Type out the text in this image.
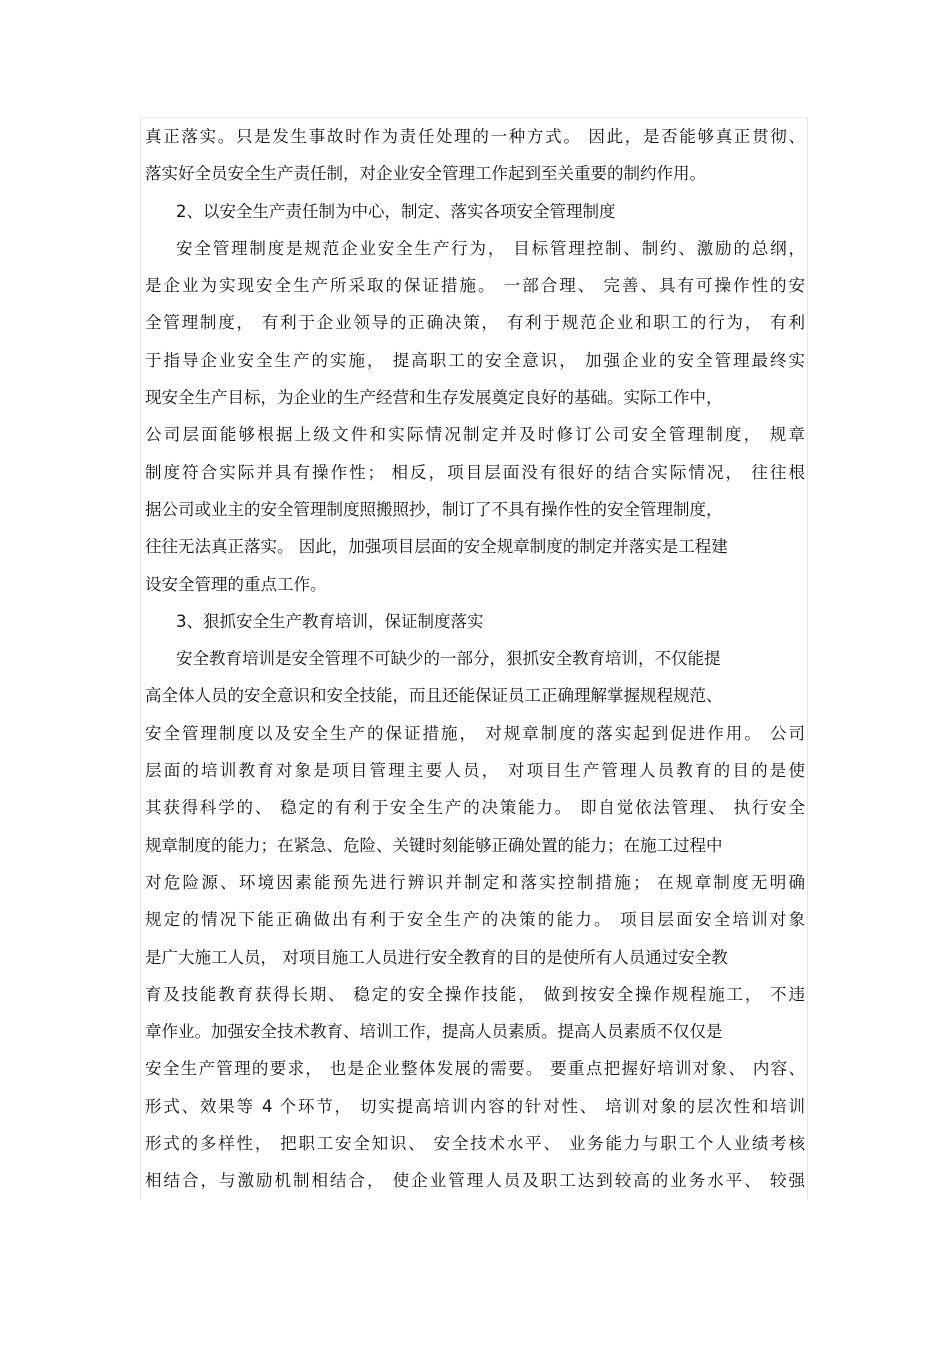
真正落实。只是发生事故时作为责任处理的一种方式。 因此，是否能够真正贯彻、
落实好全员安全生产责任制，对企业安全管理工作起到至关重要的制约作用。
2、以安全生产责任制为中心，制定、落实各项安全管理制度
安全管理制度是规范企业安全生产行为， 目标管理控制、制约、激励的总纲，
是企业为实现安全生产所采取的保证措施。 一部合理、 完善、具有可操作性的安
全管理制度， 有利于企业领导的正确决策， 有利于规范企业和职工的行为， 有利
于指导企业安全生产的实施， 提高职工的安全意识， 加强企业的安全管理最终实
现安全生产目标，为企业的生产经营和生存发展奠定良好的基础。实际工作中，
公司层面能够根据上级文件和实际情况制定并及时修订公司安全管理制度， 规章
制度符合实际并具有操作性； 相反，项目层面没有很好的结合实际情况， 往往根
据公司或业主的安全管理制度照搬照抄，制订了不具有操作性的安全管理制度，
往往无法真正落实。 因此，加强项目层面的安全规章制度的制定并落实是工程建
设安全管理的重点工作。
3、狠抓安全生产教育培训，保证制度落实
安全教育培训是安全管理不可缺少的一部分，狠抓安全教育培训，不仅能提
高全体人员的安全意识和安全技能，而且还能保证员工正确理解掌握规程规范、
安全管理制度以及安全生产的保证措施， 对规章制度的落实起到促进作用。 公司
层面的培训教育对象是项目管理主要人员， 对项目生产管理人员教育的目的是使
其获得科学的、 稳定的有利于安全生产的决策能力。 即自觉依法管理、 执行安全
规章制度的能力；在紧急、危险、关键时刻能够正确处置的能力；在施工过程中
对危险源、环境因素能预先进行辨识并制定和落实控制措施； 在规章制度无明确
规定的情况下能正确做出有利于安全生产的决策的能力。 项目层面安全培训对象
是广大施工人员， 对项目施工人员进行安全教育的目的是使所有人员通过安全教
育及技能教育获得长期、 稳定的安全操作技能， 做到按安全操作规程施工， 不违
章作业。加强安全技术教育、培训工作，提高人员素质。提高人员素质不仅仅是
安全生产管理的要求， 也是企业整体发展的需要。 要重点把握好培训对象、 内容、
形式、效果等 4 个环节， 切实提高培训内容的针对性、 培训对象的层次性和培训
形式的多样性， 把职工安全知识、 安全技术水平、 业务能力与职工个人业绩考核
相结合，与激励机制相结合， 使企业管理人员及职工达到较高的业务水平、 较强
